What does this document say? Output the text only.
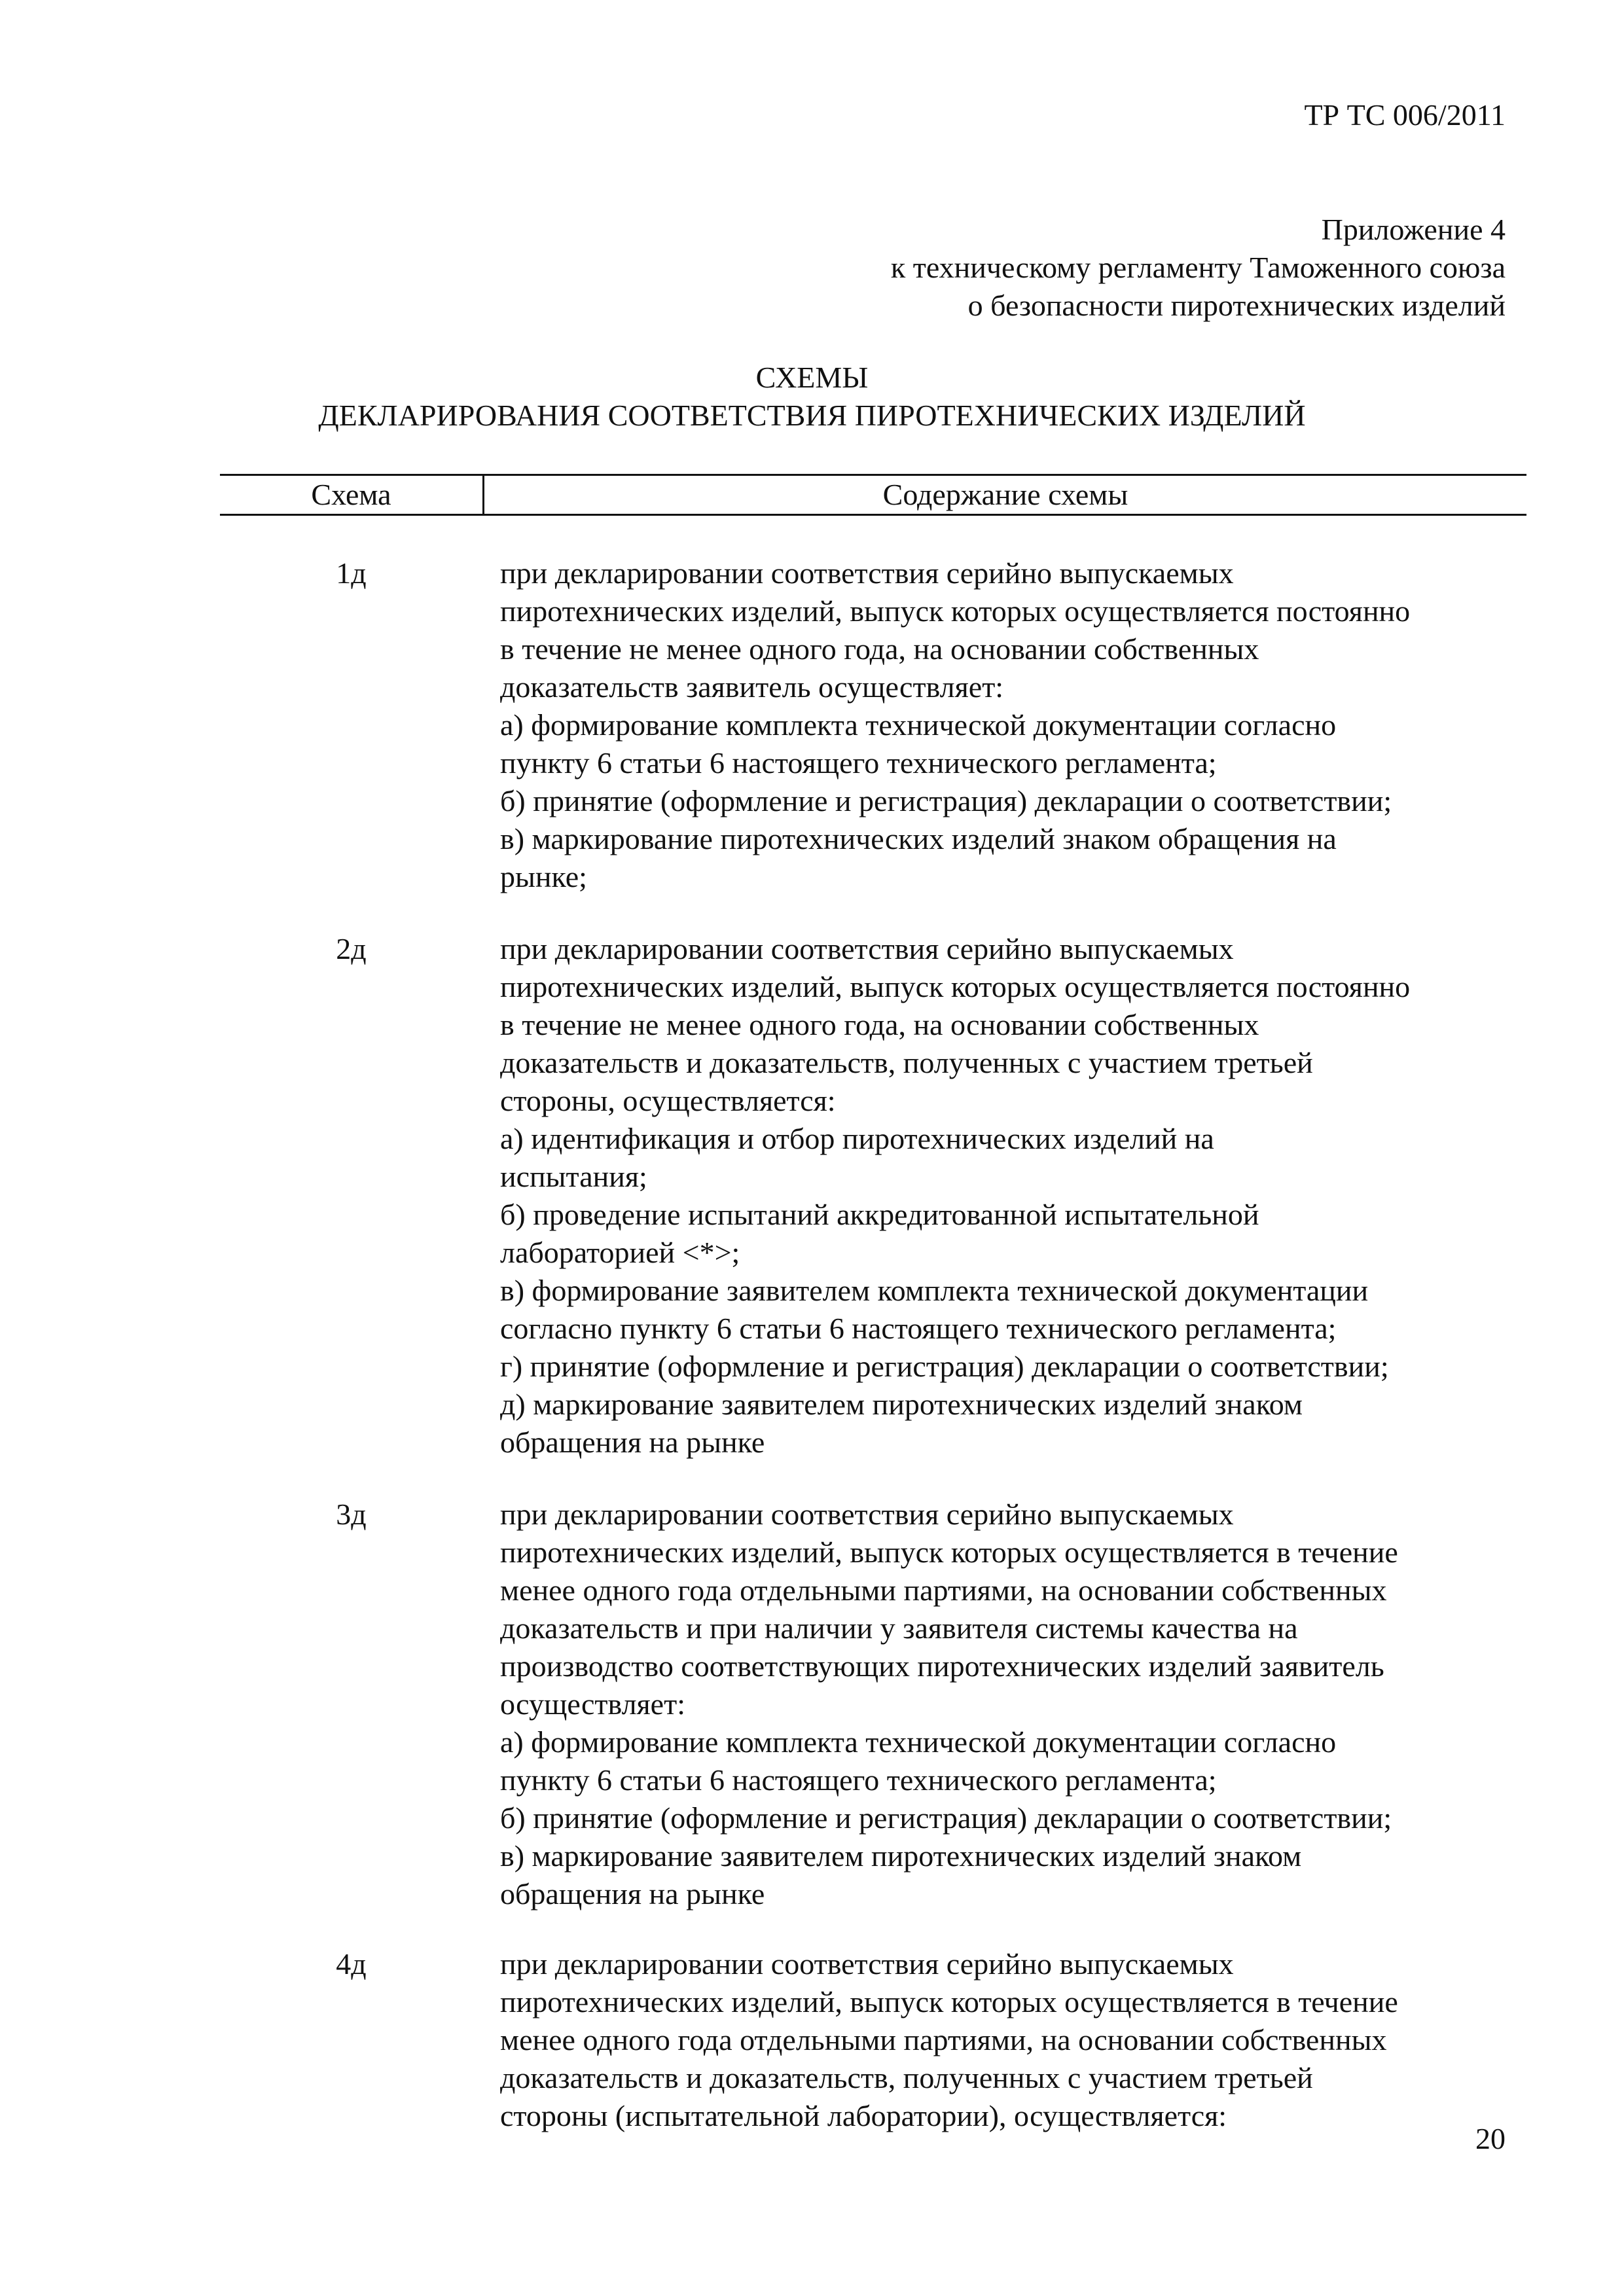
ТР ТС 006/2011
Приложение 4
к техническому регламенту Таможенного союза
о безопасности пиротехнических изделий
СХЕМЫ
ДЕКЛАРИРОВАНИЯ СООТВЕТСТВИЯ ПИРОТЕХНИЧЕСКИХ ИЗДЕЛИЙ
Схема	Содержание схемы
1д	при декларировании соответствия серийно выпускаемых
пиротехнических изделий, выпуск которых осуществляется постоянно
в течение не менее одного года, на основании собственных
доказательств заявитель осуществляет:
а) формирование комплекта технической документации согласно
пункту 6 статьи 6 настоящего технического регламента;
б) принятие (оформление и регистрация) декларации о соответствии;
в) маркирование пиротехнических изделий знаком обращения на
рынке;
2д	при декларировании соответствия серийно выпускаемых
пиротехнических изделий, выпуск которых осуществляется постоянно
в течение не менее одного года, на основании собственных
доказательств и доказательств, полученных с участием третьей
стороны, осуществляется:
а) идентификация и отбор пиротехнических изделий на
испытания;
б) проведение испытаний аккредитованной испытательной
лабораторией <*>;
в) формирование заявителем комплекта технической документации
согласно пункту 6 статьи 6 настоящего технического регламента;
г) принятие (оформление и регистрация) декларации о соответствии;
д) маркирование заявителем пиротехнических изделий знаком
обращения на рынке
3д	при декларировании соответствия серийно выпускаемых
пиротехнических изделий, выпуск которых осуществляется в течение
менее одного года отдельными партиями, на основании собственных
доказательств и при наличии у заявителя системы качества на
производство соответствующих пиротехнических изделий заявитель
осуществляет:
а) формирование комплекта технической документации согласно
пункту 6 статьи 6 настоящего технического регламента;
б) принятие (оформление и регистрация) декларации о соответствии;
в) маркирование заявителем пиротехнических изделий знаком
обращения на рынке
4д	при декларировании соответствия серийно выпускаемых
пиротехнических изделий, выпуск которых осуществляется в течение
менее одного года отдельными партиями, на основании собственных
доказательств и доказательств, полученных с участием третьей
стороны (испытательной лаборатории), осуществляется:
20
